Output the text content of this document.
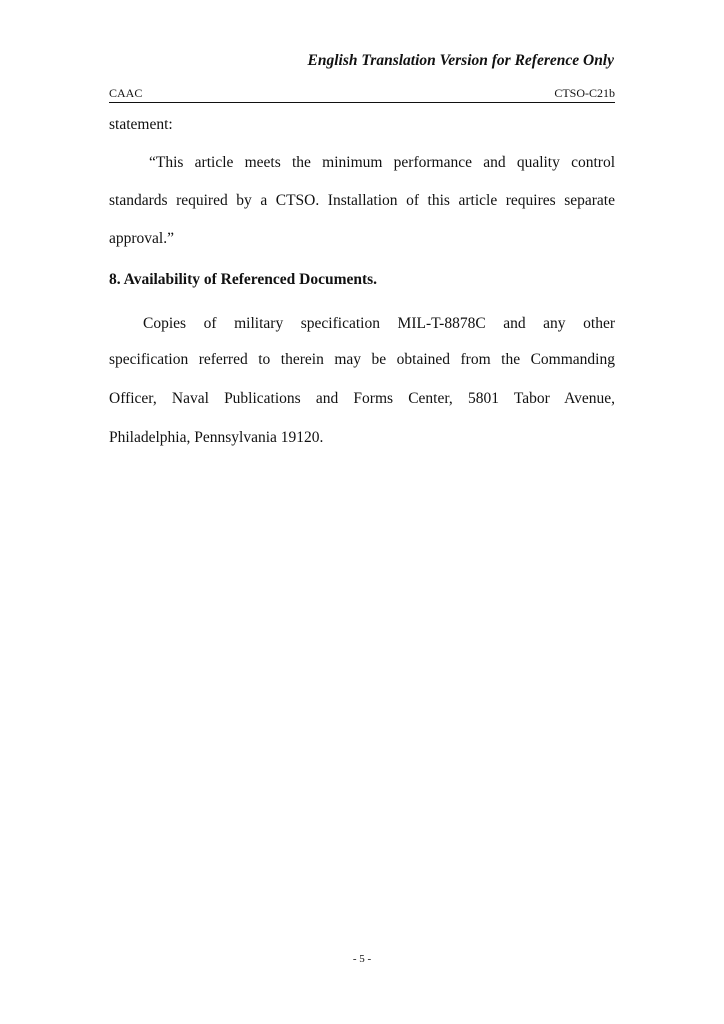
English Translation Version for Reference Only
CAAC	CTSO-C21b
statement:
“This article meets the minimum performance and quality control
standards required by a CTSO. Installation of this article requires separate
approval.”
8. Availability of Referenced Documents.
Copies of military specification MIL-T-8878C and any other
specification referred to therein may be obtained from the Commanding
Officer, Naval Publications and Forms Center, 5801 Tabor Avenue,
Philadelphia, Pennsylvania 19120.
- 5 -
